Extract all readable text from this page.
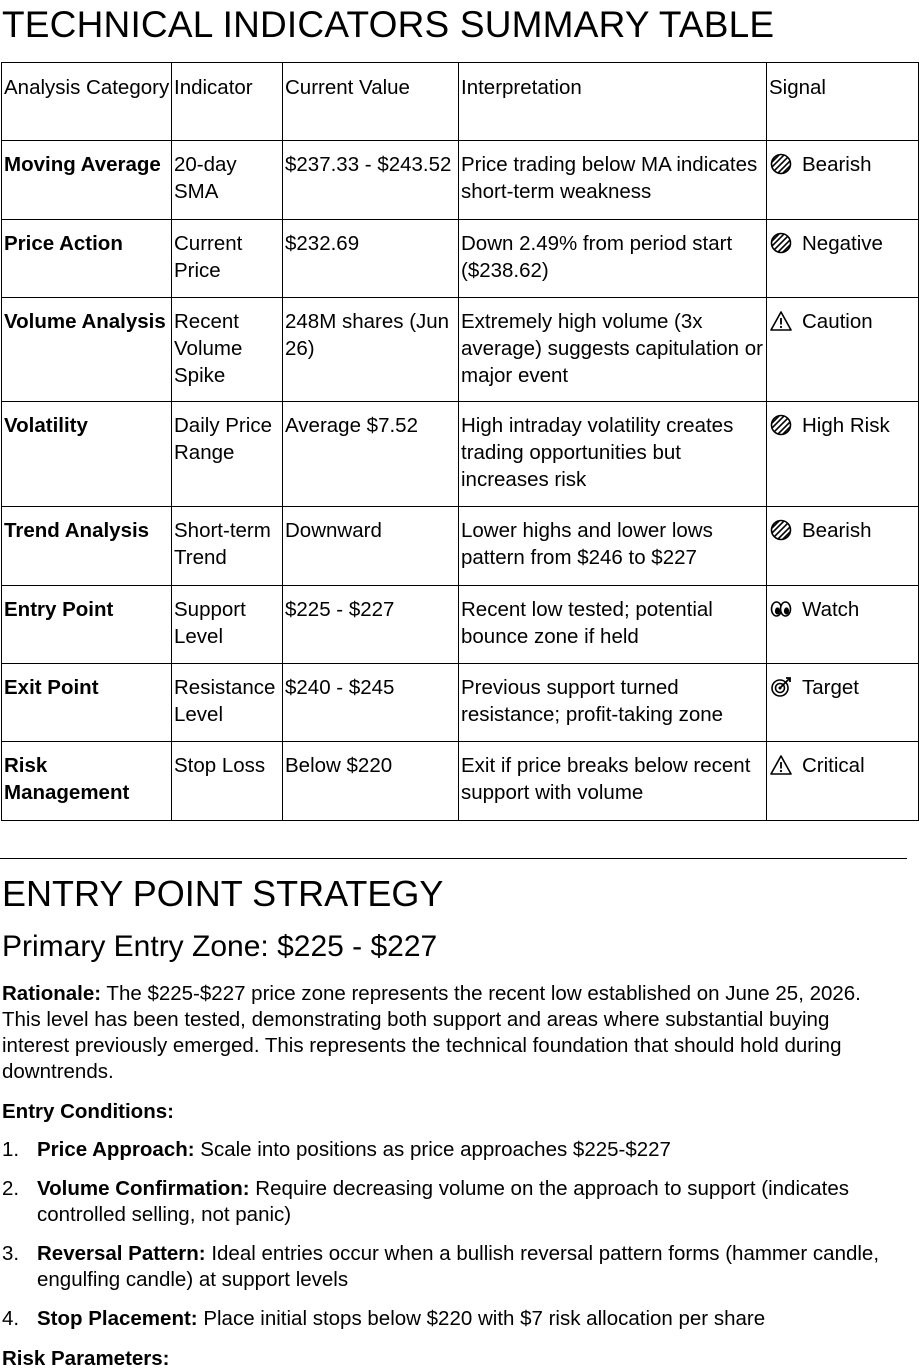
TECHNICAL INDICATORS SUMMARY TABLE
Analysis Category	Indicator	Current Value	Interpretation	Signal
Moving Average	20-day SMA	$237.33 - $243.52	Price trading below MA indicates short-term weakness	Bearish
Price Action	Current Price	$232.69	Down 2.49% from period start ($238.62)	Negative
Volume Analysis	Recent Volume Spike	248M shares (Jun 26)	Extremely high volume (3x average) suggests capitulation or major event	Caution
Volatility	Daily Price Range	Average $7.52	High intraday volatility creates trading opportunities but increases risk	High Risk
Trend Analysis	Short-term Trend	Downward	Lower highs and lower lows pattern from $246 to $227	Bearish
Entry Point	Support Level	$225 - $227	Recent low tested; potential bounce zone if held	Watch
Exit Point	Resistance Level	$240 - $245	Previous support turned resistance; profit-taking zone	Target
Risk Management	Stop Loss	Below $220	Exit if price breaks below recent support with volume	Critical
ENTRY POINT STRATEGY
Primary Entry Zone: $225 - $227

Rationale: The $225-$227 price zone represents the recent low established on June 25, 2026. This level has been tested, demonstrating both support and areas where substantial buying interest previously emerged. This represents the technical foundation that should hold during downtrends.

Entry Conditions:

1. Price Approach: Scale into positions as price approaches $225-$227
2. Volume Confirmation: Require decreasing volume on the approach to support (indicates controlled selling, not panic)
3. Reversal Pattern: Ideal entries occur when a bullish reversal pattern forms (hammer candle, engulfing candle) at support levels
4. Stop Placement: Place initial stops below $220 with $7 risk allocation per share

Risk Parameters:
